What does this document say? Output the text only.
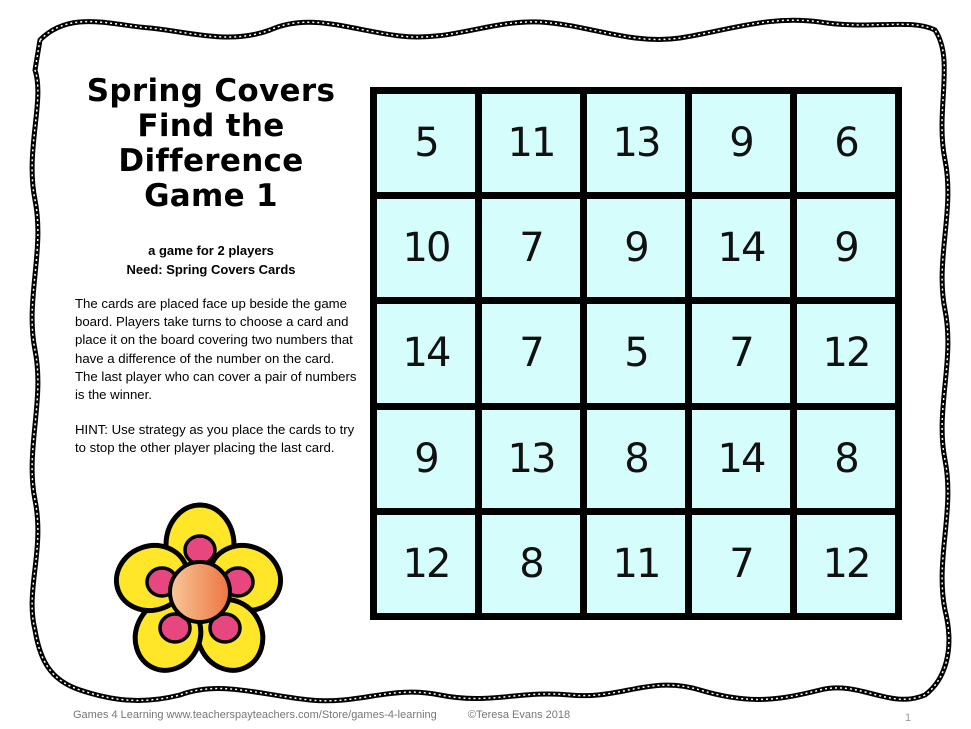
Spring Covers
Find the
Difference
Game 1
a game for 2 players
Need: Spring Covers Cards
The cards are placed face up beside the game board. Players take turns to choose a card and place it on the board covering two numbers that have a difference of the number on the card. The last player who can cover a pair of numbers is the winner.
HINT: Use strategy as you place the cards to try to stop the other player placing the last card.
5	11	13	9	6
10	7	9	14	9
14	7	5	7	12
9	13	8	14	8
12	8	11	7	12
Games 4 Learning www.teacherspayteachers.com/Store/games-4-learning	©Teresa Evans 2018	1
